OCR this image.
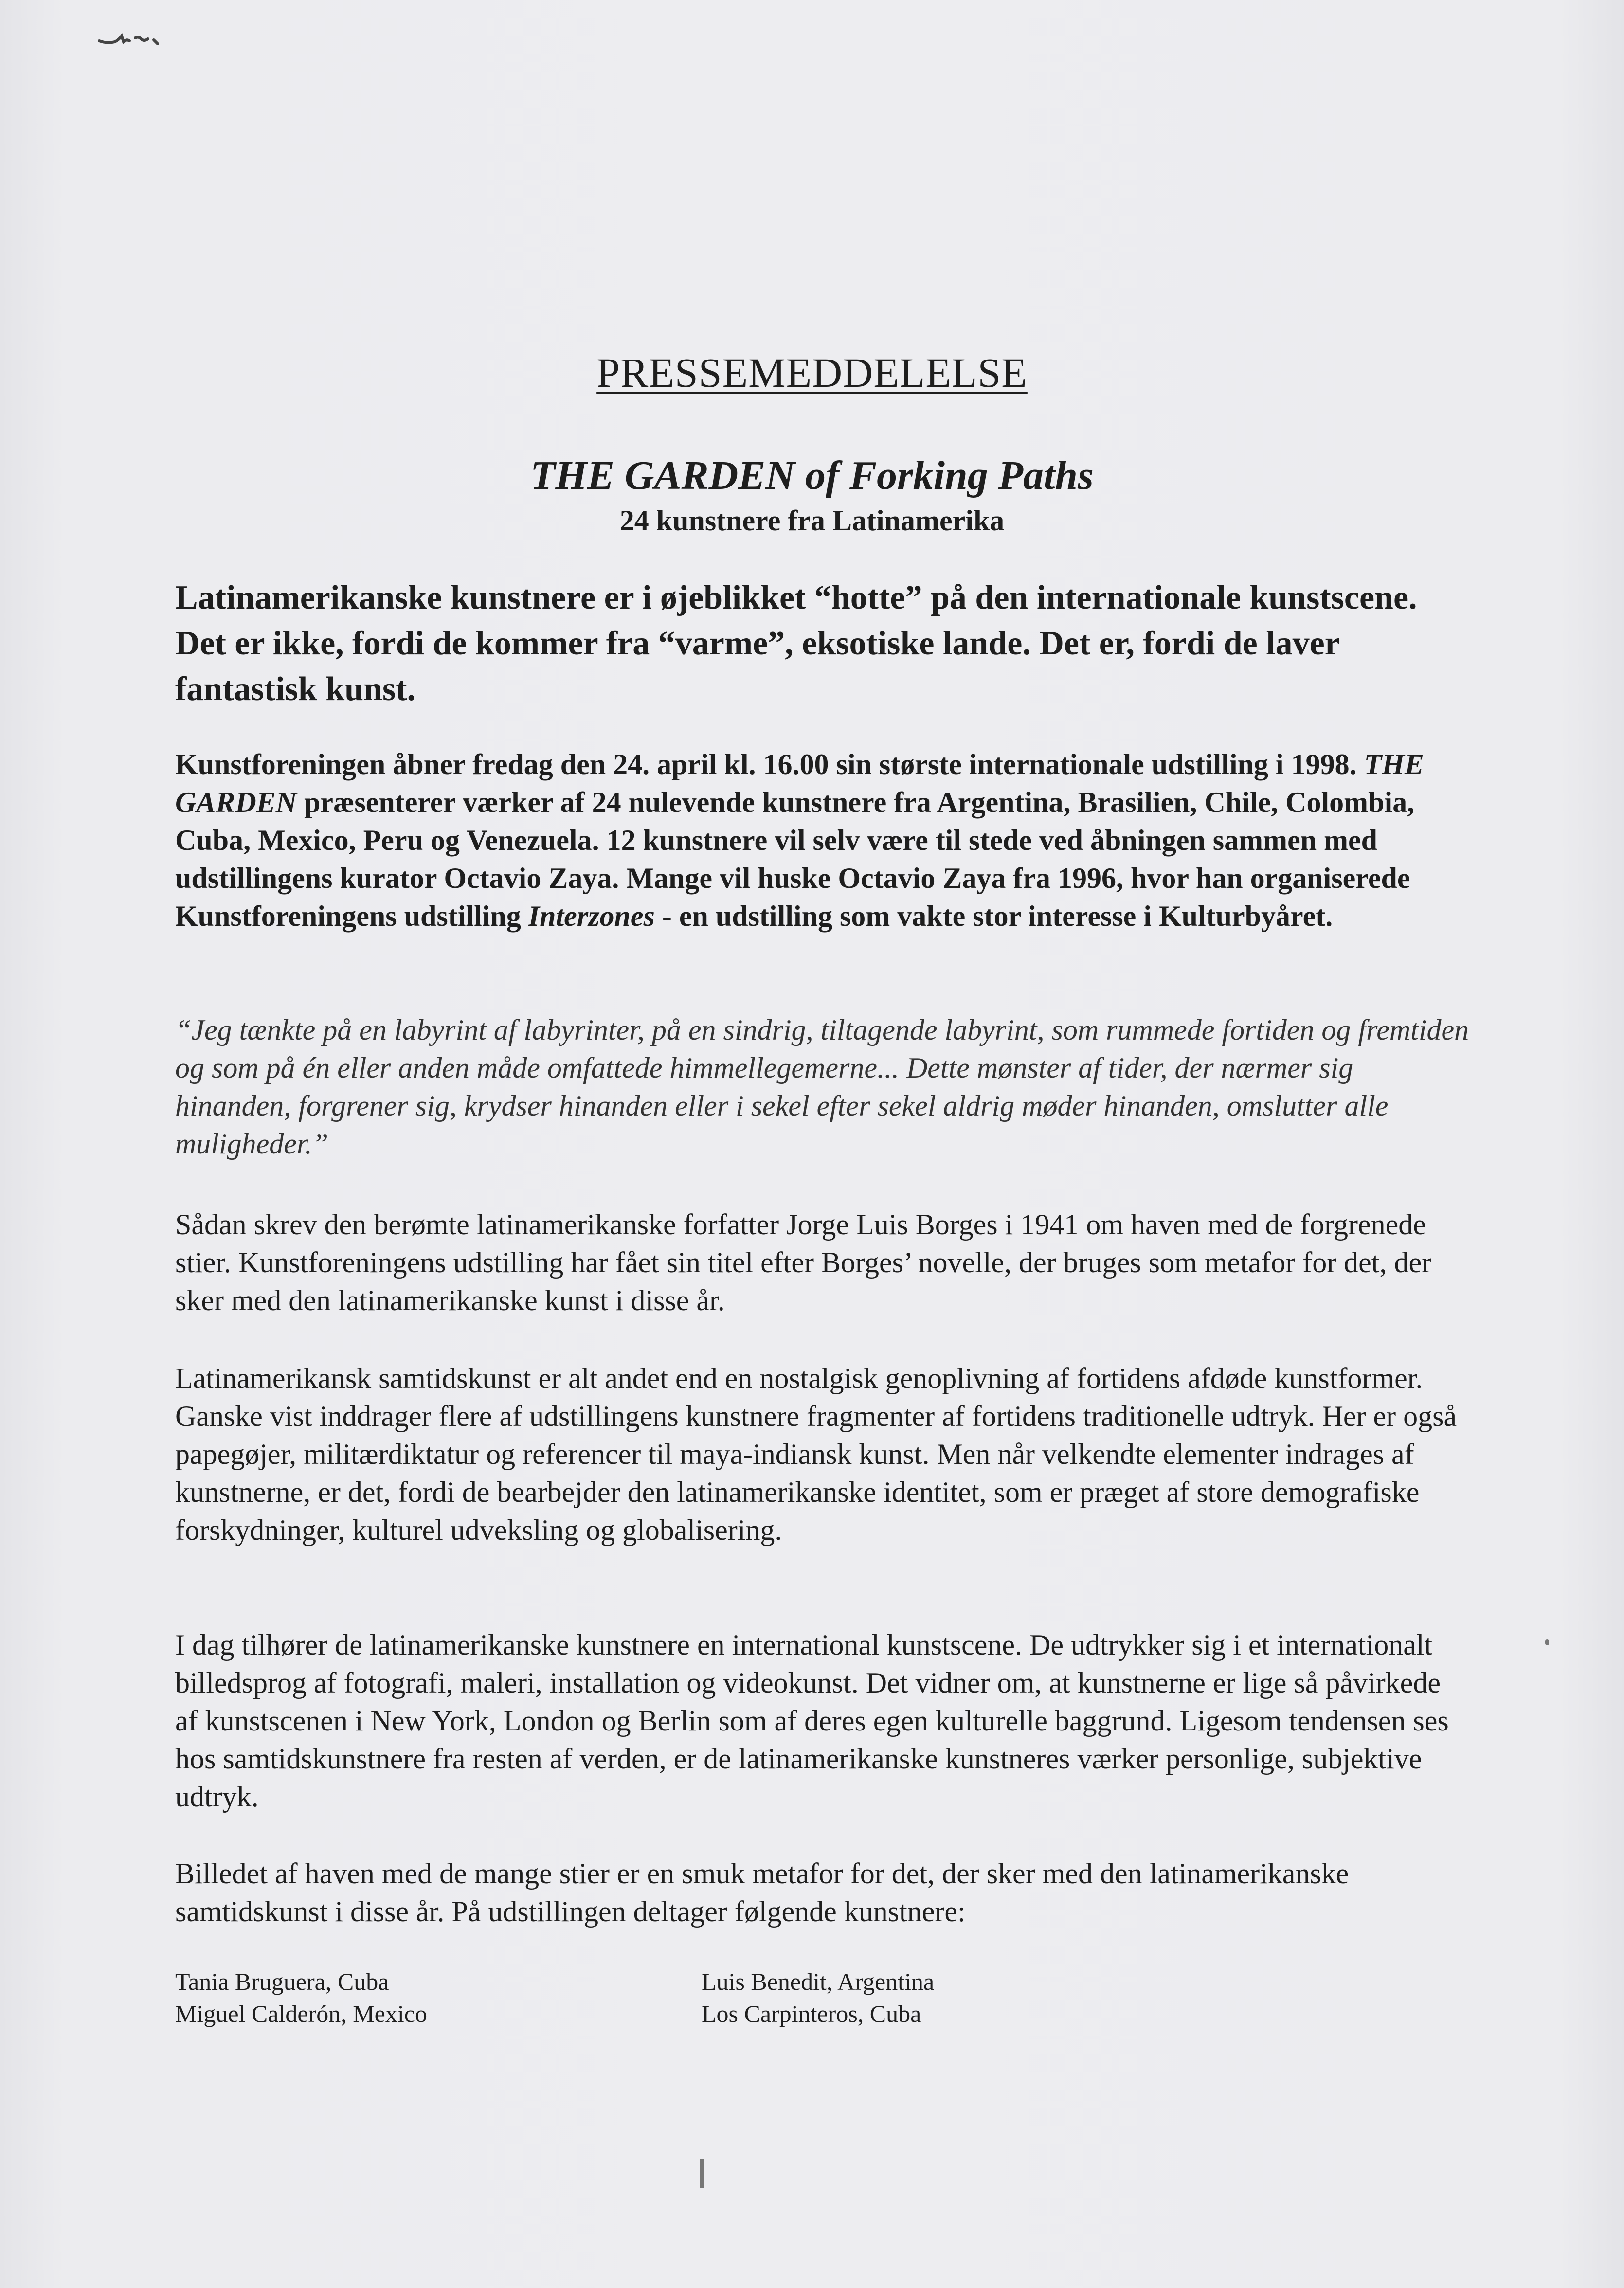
PRESSEMEDDELELSE
THE GARDEN of Forking Paths
24 kunstnere fra Latinamerika

Latinamerikanske kunstnere er i øjeblikket “hotte” på den internationale kunstscene. Det er ikke, fordi de kommer fra “varme”, eksotiske lande. Det er, fordi de laver fantastisk kunst.

Kunstforeningen åbner fredag den 24. april kl. 16.00 sin største internationale udstilling i 1998. THE GARDEN præsenterer værker af 24 nulevende kunstnere fra Argentina, Brasilien, Chile, Colombia, Cuba, Mexico, Peru og Venezuela. 12 kunstnere vil selv være til stede ved åbningen sammen med udstillingens kurator Octavio Zaya. Mange vil huske Octavio Zaya fra 1996, hvor han organiserede Kunstforeningens udstilling Interzones - en udstilling som vakte stor interesse i Kulturbyåret.

“Jeg tænkte på en labyrint af labyrinter, på en sindrig, tiltagende labyrint, som rummede fortiden og fremtiden og som på én eller anden måde omfattede himmellegemerne... Dette mønster af tider, der nærmer sig hinanden, forgrener sig, krydser hinanden eller i sekel efter sekel aldrig møder hinanden, omslutter alle muligheder.”

Sådan skrev den berømte latinamerikanske forfatter Jorge Luis Borges i 1941 om haven med de forgrenede stier. Kunstforeningens udstilling har fået sin titel efter Borges’ novelle, der bruges som metafor for det, der sker med den latinamerikanske kunst i disse år.

Latinamerikansk samtidskunst er alt andet end en nostalgisk genoplivning af fortidens afdøde kunstformer. Ganske vist inddrager flere af udstillingens kunstnere fragmenter af fortidens traditionelle udtryk. Her er også papegøjer, militærdiktatur og referencer til maya-indiansk kunst. Men når velkendte elementer indrages af kunstnerne, er det, fordi de bearbejder den latinamerikanske identitet, som er præget af store demografiske forskydninger, kulturel udveksling og globalisering.

I dag tilhører de latinamerikanske kunstnere en international kunstscene. De udtrykker sig i et internationalt billedsprog af fotografi, maleri, installation og videokunst. Det vidner om, at kunstnerne er lige så påvirkede af kunstscenen i New York, London og Berlin som af deres egen kulturelle baggrund. Ligesom tendensen ses hos samtidskunstnere fra resten af verden, er de latinamerikanske kunstneres værker personlige, subjektive udtryk.

Billedet af haven med de mange stier er en smuk metafor for det, der sker med den latinamerikanske samtidskunst i disse år. På udstillingen deltager følgende kunstnere:

Tania Bruguera, Cuba
Miguel Calderón, Mexico
Luis Benedit, Argentina
Los Carpinteros, Cuba
